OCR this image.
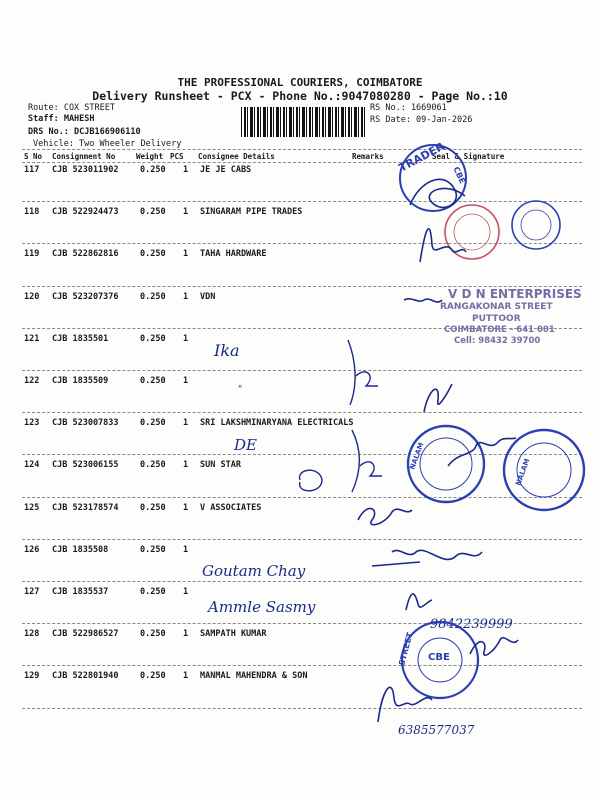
THE PROFESSIONAL COURIERS, COIMBATORE
Delivery Runsheet - PCX - Phone No.:9047080280 - Page No.:10
Route: COX STREET
Staff: MAHESH
DRS No.: DCJB166906110
Vehicle: Two Wheeler Delivery
RS No.: 1669061
RS Date: 09-Jan-2026
S No Consignment No	Weight PCS Consignee Details	Remarks	Seal & Signature
117 CJB 523011902	0.250 1 JE JE CABS
118 CJB 522924473	0.250 1 SINGARAM PIPE TRADES
119 CJB 522862816	0.250 1 TAHA HARDWARE
120 CJB 523207376	0.250 1 VDN
121 CJB 1835501	0.250 1
122 CJB 1835509	0.250 1
123 CJB 523007833	0.250 1 SRI LAKSHMINARYANA ELECTRICALS
124 CJB 523006155	0.250 1 SUN STAR
125 CJB 523178574	0.250 1 V ASSOCIATES
126 CJB 1835508	0.250 1
127 CJB 1835537	0.250 1
128 CJB 522986527	0.250 1 SAMPATH KUMAR
129 CJB 522801940	0.250 1 MANMAL MAHENDRA & SON
TRADER
CBE
V D N ENTERPRISES
RANGAKONAR STREET
PUTTOOR
COIMBATORE - 641 001
Cell: 98432 39700
Ika
"
DE	NALAM
NALAM
Goutam Chay
Ammle Sasmy
9842239999
CBE
STREET
6385577037
